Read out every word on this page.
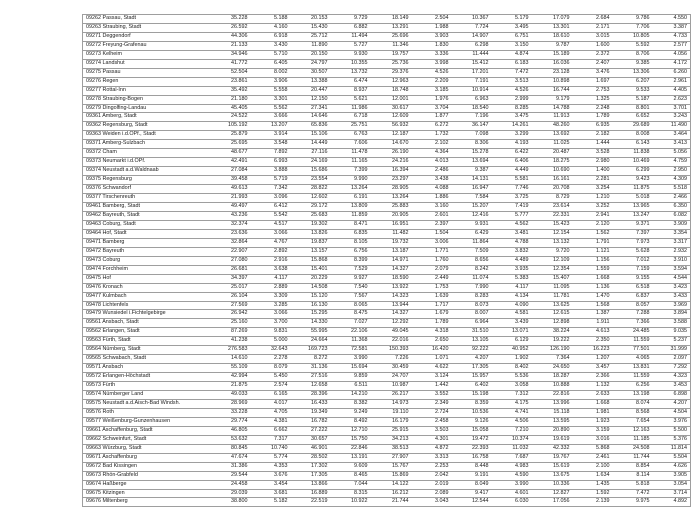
09262 Passau, Stadt	35.228	5.188	20.153	9.729	18.149	2.504	10.367	5.179	17.079	2.684	9.786	4.550
09263 Straubing, Stadt	26.592	4.160	15.430	6.882	13.291	1.988	7.724	3.495	13.301	2.171	7.706	3.387
09271 Deggendorf	44.306	6.918	25.712	11.494	25.696	3.903	14.907	6.751	18.610	3.015	10.805	4.733
09272 Freyung-Grafenau	21.133	3.430	11.890	5.727	11.346	1.830	6.298	3.150	9.787	1.600	5.592	2.577
09273 Kelheim	34.946	5.710	20.150	9.930	19.757	3.336	11.444	4.874	15.189	2.372	8.706	4.056
09274 Landshut	41.772	6.405	24.797	10.355	25.736	3.998	15.412	6.183	16.036	2.407	9.385	4.172
09275 Passau	52.504	8.002	30.507	13.732	29.376	4.526	17.201	7.472	23.128	3.476	13.306	6.260
09276 Regen	23.861	3.906	13.388	6.474	12.963	2.209	7.191	3.513	10.898	1.697	6.207	2.961
09277 Rottal-Inn	35.492	5.558	20.447	8.937	18.748	3.185	10.914	4.526	16.744	2.753	9.533	4.405
09278 Straubing-Bogen	21.180	3.301	12.150	5.621	12.001	1.976	6.963	2.999	9.179	1.325	5.187	2.623
09279 Dingolfing-Landau	45.405	5.562	27.341	11.986	30.617	3.704	18.540	8.285	14.788	2.248	8.801	3.701
09361 Amberg, Stadt	24.522	3.666	14.646	6.718	12.609	1.877	7.196	3.475	11.913	1.789	6.652	3.243
09362 Regensburg, Stadt	105.192	13.207	65.836	25.751	56.932	6.272	36.147	14.261	48.260	6.935	29.689	11.490
09363 Weiden i.d.OPf., Stadt	25.879	3.914	15.106	6.763	12.187	1.732	7.098	3.299	13.692	2.182	8.008	3.464
09371 Amberg-Sulzbach	25.695	3.548	14.449	7.606	14.670	2.102	8.306	4.193	11.025	1.444	6.143	3.413
09372 Cham	48.677	7.892	27.116	11.478	26.190	4.364	15.278	6.422	20.487	3.528	11.838	5.056
09373 Neumarkt i.d.OPf.	42.491	6.993	24.169	11.165	24.216	4.013	13.694	6.406	18.275	2.980	10.469	4.759
09374 Neustadt a.d.Waldnaab	27.084	3.888	15.686	7.399	16.394	2.486	9.387	4.449	10.690	1.400	6.299	2.950
09375 Regensburg	39.458	5.719	23.554	9.990	23.297	3.438	14.131	5.581	16.161	2.281	9.423	4.309
09376 Schwandorf	49.613	7.342	28.822	13.264	28.905	4.088	16.947	7.746	20.708	3.254	11.875	5.518
09377 Tirschenreuth	21.993	3.096	12.602	6.191	13.264	1.886	7.584	3.725	8.729	1.210	5.018	2.466
09461 Bamberg, Stadt	49.497	6.412	29.172	13.809	25.883	3.160	15.207	7.419	23.614	3.252	13.965	6.350
09462 Bayreuth, Stadt	43.236	5.542	25.683	11.859	20.905	2.601	12.416	5.777	22.331	2.941	13.247	6.082
09463 Coburg, Stadt	32.374	4.517	19.302	8.471	16.951	2.397	9.931	4.562	15.423	2.120	9.371	3.909
09464 Hof, Stadt	23.636	3.066	13.826	6.835	11.482	1.504	6.429	3.481	12.154	1.562	7.397	3.354
09471 Bamberg	32.864	4.767	19.837	8.105	19.732	3.006	11.864	4.788	13.132	1.791	7.973	3.317
09472 Bayreuth	22.907	2.892	13.157	6.756	13.187	1.771	7.509	3.832	9.720	1.121	5.628	2.932
09473 Coburg	27.080	2.916	15.868	8.399	14.971	1.760	8.656	4.489	12.109	1.156	7.012	3.910
09474 Forchheim	26.681	3.638	15.401	7.529	14.327	2.079	8.242	3.935	12.354	1.559	7.159	3.594
09475 Hof	34.397	4.117	20.229	9.927	18.590	2.449	11.074	5.383	15.407	1.668	9.155	4.544
09476 Kronach	25.017	2.889	14.508	7.540	13.922	1.753	7.990	4.117	11.095	1.136	6.518	3.423
09477 Kulmbach	26.104	3.309	15.120	7.567	14.323	1.639	8.283	4.134	11.781	1.470	6.837	3.433
09478 Lichtenfels	27.569	3.285	16.130	8.065	13.944	1.717	8.073	4.090	13.625	1.568	8.057	3.969
09479 Wunsiedel i.Fichtelgebirge	26.942	3.066	15.295	8.475	14.327	1.679	8.007	4.581	12.615	1.387	7.288	3.894
09561 Ansbach, Stadt	25.160	3.700	14.330	7.027	12.292	1.789	6.964	3.439	12.898	1.911	7.366	3.588
09562 Erlangen, Stadt	87.269	9.831	55.995	22.106	49.045	4.318	31.510	13.071	38.224	4.613	24.485	9.035
09563 Fürth, Stadt	41.238	5.000	24.664	11.368	22.016	2.650	13.105	6.129	19.222	2.350	11.559	5.237
09564 Nürnberg, Stadt	276.583	32.643	169.723	72.581	150.393	16.420	92.222	40.952	126.190	16.223	77.501	31.999
09565 Schwabach, Stadt	14.610	2.278	8.272	3.990	7.226	1.071	4.207	1.902	7.364	1.207	4.065	2.097
09571 Ansbach	55.109	8.079	31.136	15.694	30.459	4.622	17.305	8.402	24.650	3.457	13.831	7.292
09572 Erlangen-Höchstadt	42.994	5.450	27.516	9.859	24.707	3.124	15.957	5.536	18.287	2.366	11.559	4.323
09573 Fürth	21.875	2.574	12.658	6.511	10.987	1.442	6.402	3.058	10.888	1.132	6.256	3.453
09574 Nürnberger Land	49.033	6.165	28.396	14.210	26.217	3.552	15.198	7.312	22.816	2.633	13.198	6.898
09575 Neustadt a.d.Aisch-Bad Windsh.	28.969	4.017	16.433	8.382	14.973	2.349	8.359	4.175	13.996	1.668	8.074	4.207
09576 Roth	33.228	4.705	19.349	9.249	19.110	2.724	10.536	4.741	15.118	1.981	8.568	4.504
09577 Weißenburg-Gunzenhausen	29.774	4.381	16.782	8.492	16.179	2.458	9.126	4.506	13.595	1.923	7.654	3.976
09661 Aschaffenburg, Stadt	46.805	6.662	27.222	12.710	25.915	3.503	15.058	7.210	20.890	3.159	12.163	5.500
09662 Schweinfurt, Stadt	53.632	7.317	30.657	15.750	34.213	4.301	19.472	10.374	19.619	3.016	11.185	5.376
09663 Würzburg, Stadt	80.845	10.740	46.901	22.846	38.513	4.872	22.393	11.032	42.332	5.868	24.508	11.814
09671 Aschaffenburg	47.674	5.774	28.502	13.191	27.907	3.313	16.758	7.687	19.767	2.461	11.744	5.504
09672 Bad Kissingen	31.386	4.353	17.302	9.609	15.767	2.253	8.448	4.983	15.619	2.100	8.854	4.626
09673 Rhön-Grabfeld	29.544	3.676	17.305	8.465	15.869	2.042	9.191	4.590	13.675	1.634	8.114	3.905
09674 Haßberge	24.458	3.454	13.866	7.044	14.122	2.019	8.049	3.990	10.336	1.435	5.818	3.054
09675 Kitzingen	29.039	3.681	16.889	8.315	16.212	2.089	9.417	4.601	12.827	1.592	7.472	3.714
09676 Miltenberg	38.800	5.182	22.519	10.922	21.744	3.043	12.544	6.030	17.056	2.139	9.975	4.892
